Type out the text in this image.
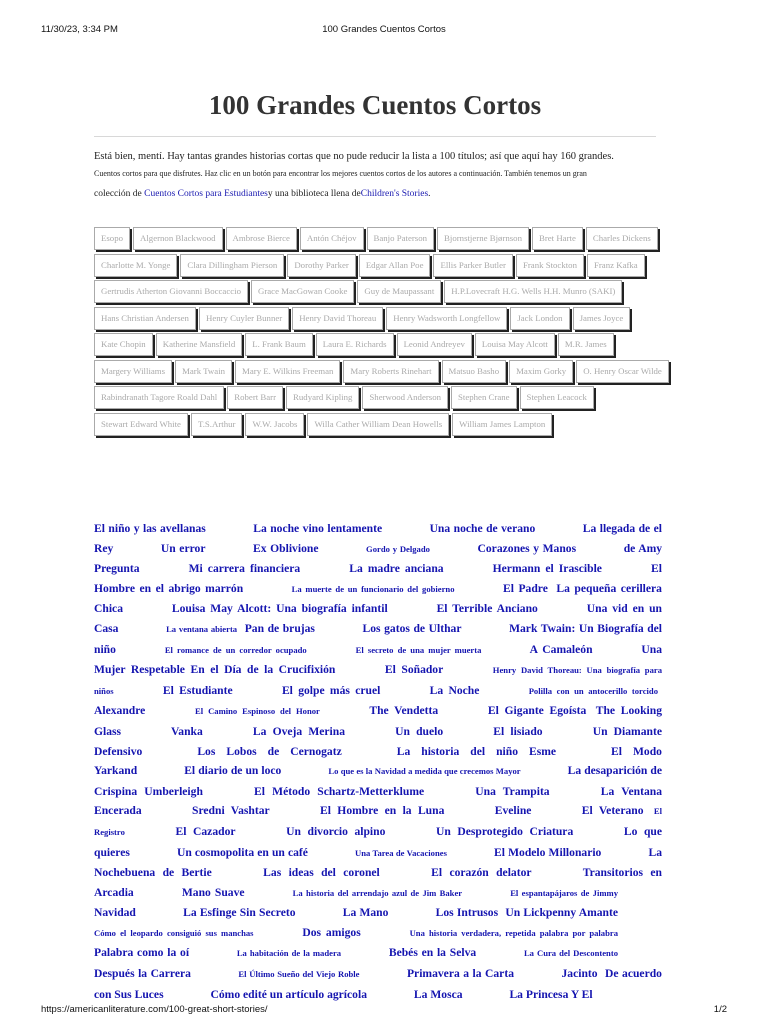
11/30/23, 3:34 PM	100 Grandes Cuentos Cortos
100 Grandes Cuentos Cortos
Está bien, mentí. Hay tantas grandes historias cortas que no pude reducir la lista a 100 títulos; así que aquí hay 160 grandes.
Cuentos cortos para que disfrutes. Haz clic en un botón para encontrar los mejores cuentos cortos de los autores a continuación. También tenemos un gran
colección de Cuentos Cortos para Estudiantesy una biblioteca llena deChildren's Stories.
Esopo	Algernon Blackwood	Ambrose Bierce	Antón Chéjov	Banjo Paterson	Bjornstjerne Bjørnson	Bret Harte	Charles Dickens
Charlotte M. Yonge	Clara Dillingham Pierson	Dorothy Parker	Edgar Allan Poe	Ellis Parker Butler	Frank Stockton	Franz Kafka
Gertrudis Atherton Giovanni Boccaccio	Grace MacGowan Cooke	Guy de Maupassant	H.P.Lovecraft H.G. Wells H.H. Munro (SAKI)
Hans Christian Andersen	Henry Cuyler Bunner	Henry David Thoreau	Henry Wadsworth Longfellow	Jack London	James Joyce
Kate Chopin	Katherine Mansfield	L. Frank Baum	Laura E. Richards	Leonid Andreyev	Louisa May Alcott	M.R. James
Margery Williams	Mark Twain	Mary E. Wilkins Freeman	Mary Roberts Rinehart	Matsuo Basho	Maxim Gorky	O. Henry Oscar Wilde
Rabindranath Tagore Roald Dahl	Robert Barr	Rudyard Kipling	Sherwood Anderson	Stephen Crane	Stephen Leacock
Stewart Edward White	T.S.Arthur	W.W. Jacobs	Willa Cather William Dean Howells	William James Lampton
El niño y las avellanas	La noche vino lentamente	Una noche de verano	La llegada de el Rey	Un error	Ex Oblivione	Gordo y Delgado	Corazones y Manos	de Amy Pregunta	Mi carrera financiera	La madre anciana	Hermann el Irascible	El Hombre en el abrigo marrón	La muerte de un funcionario del gobierno	El Padre La pequeña cerillera Chica	Louisa May Alcott: Una biografía infantil	El Terrible Anciano	Una vid en un Casa	La ventana abierta Pan de brujas	Los gatos de Ulthar	Mark Twain: Un Biografía del niño	El romance de un corredor ocupado	El secreto de una mujer muerta	A Camaleón	Una Mujer Respetable En el Día de la Crucifixión	El Soñador	Henry David Thoreau: Una biografía para niños	El Estudiante	El golpe más cruel	La Noche	Polilla con un antocerillo torcido Alexandre	El Camino Espinoso del Honor	The Vendetta	El Gigante Egoísta The Looking Glass	Vanka	La Oveja Merina	Un duelo	El lisiado	Un Diamante Defensivo	Los Lobos de Cernogatz	La historia del niño Esme	El Modo Yarkand	El diario de un loco	Lo que es la Navidad a medida que crecemos Mayor	La desaparición de Crispina Umberleigh	El Método Schartz-Metterklume	Una Trampita	La Ventana Encerada	Sredni Vashtar	El Hombre en la Luna	Eveline	El Veterano El Registro	El Cazador	Un divorcio alpino	Un Desprotegido Criatura	Lo que quieres	Un cosmopolita en un café	Una Tarea de Vacaciones	El Modelo Millonario	La Nochebuena de Bertie	Las ideas del coronel	El corazón delator	Transitorios en Arcadia	Mano Suave	La historia del arrendajo azul de Jim Baker	El espantapájaros de Jimmy Navidad	La Esfinge Sin Secreto	La Mano	Los Intrusos Un Lickpenny Amante Cómo el leopardo consiguió sus manchas	Dos amigos	Una historia verdadera, repetida palabra por palabra Palabra como la oí	La habitación de la madera	Bebés en la Selva	La Cura del Descontento Después la Carrera	El Último Sueño del Viejo Roble	Primavera a la Carta	Jacinto De acuerdo con Sus Luces	Cómo edité un artículo agrícola	La Mosca	La Princesa Y El
https://americanliterature.com/100-great-short-stories/	1/2
